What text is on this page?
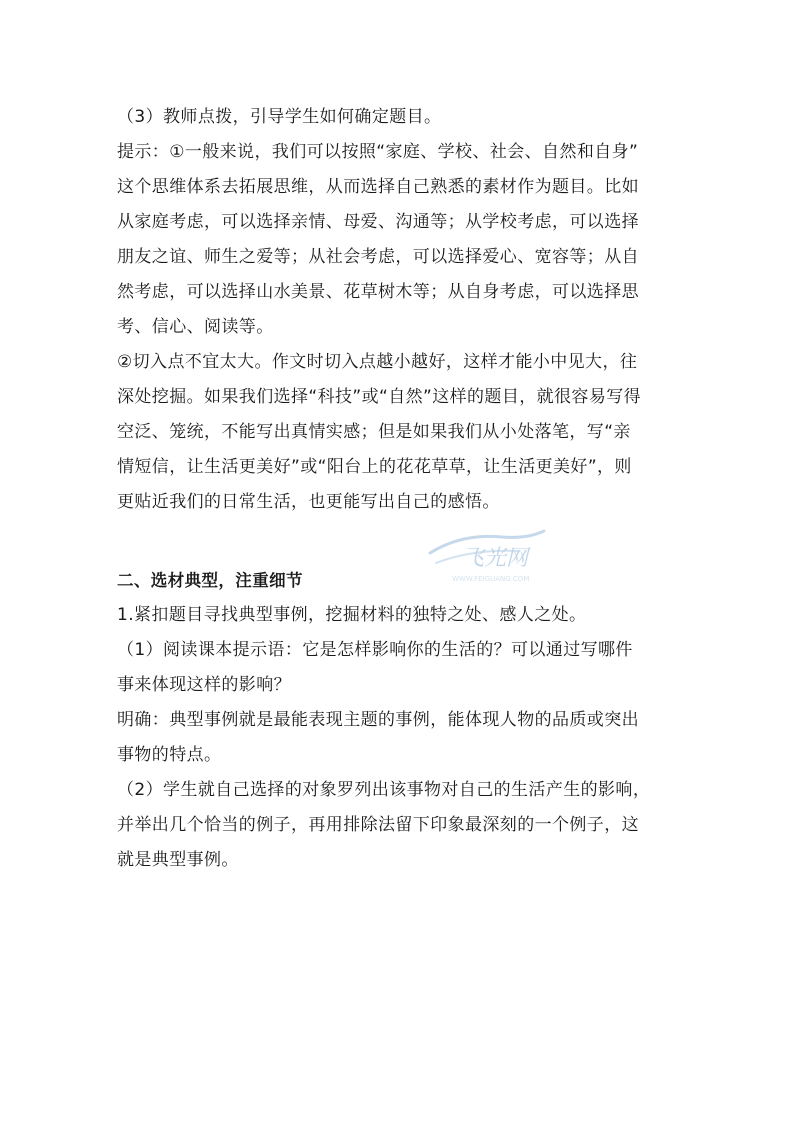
（3）教师点拨，引导学生如何确定题目。

提示：①一般来说，我们可以按照“家庭、学校、社会、自然和自身”

这个思维体系去拓展思维，从而选择自己熟悉的素材作为题目。比如

从家庭考虑，可以选择亲情、母爱、沟通等；从学校考虑，可以选择

朋友之谊、师生之爱等；从社会考虑，可以选择爱心、宽容等；从自

然考虑，可以选择山水美景、花草树木等；从自身考虑，可以选择思

考、信心、阅读等。

②切入点不宜太大。作文时切入点越小越好，这样才能小中见大，往

深处挖掘。如果我们选择“科技”或“自然”这样的题目，就很容易写得

空泛、笼统，不能写出真情实感；但是如果我们从小处落笔，写“亲

情短信，让生活更美好”或“阳台上的花花草草，让生活更美好”，则

更贴近我们的日常生活，也更能写出自己的感悟。

二、选材典型，注重细节

1.紧扣题目寻找典型事例，挖掘材料的独特之处、感人之处。

（1）阅读课本提示语：它是怎样影响你的生活的？可以通过写哪件

事来体现这样的影响？

明确：典型事例就是最能表现主题的事例，能体现人物的品质或突出

事物的特点。

（2）学生就自己选择的对象罗列出该事物对自己的生活产生的影响，

并举出几个恰当的例子，再用排除法留下印象最深刻的一个例子，这

就是典型事例。

飞光网
WWW.FEIGUANG.COM
